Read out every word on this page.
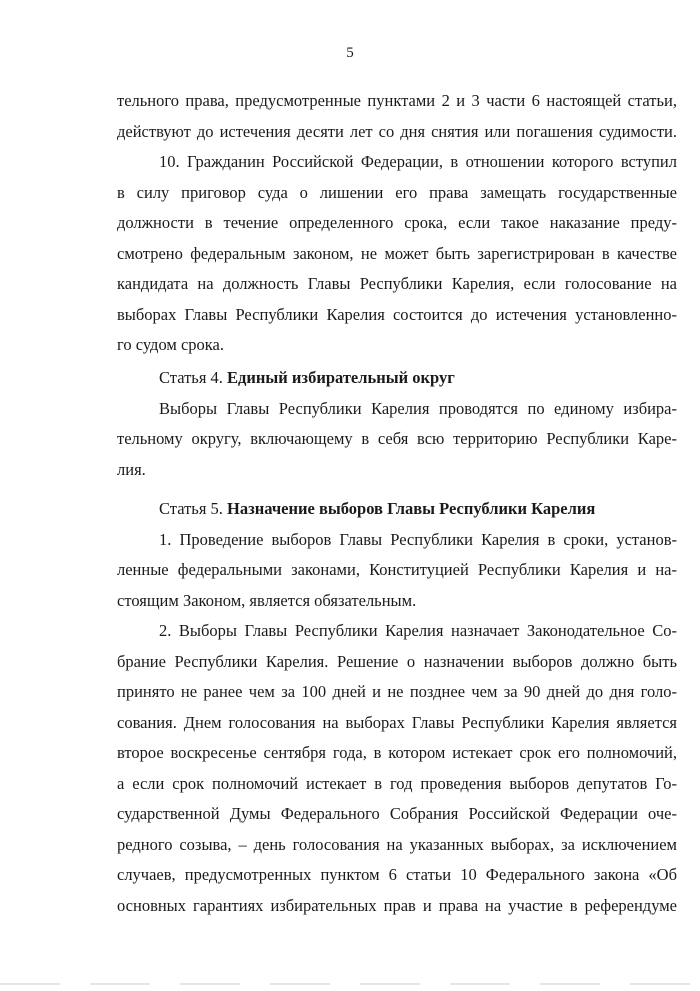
5
тельного права, предусмотренные пунктами 2 и 3 части 6 настоящей статьи,
действуют до истечения десяти лет со дня снятия или погашения судимости.
10. Гражданин Российской Федерации, в отношении которого вступил
в силу приговор суда о лишении его права замещать государственные
должности в течение определенного срока, если такое наказание преду-
смотрено федеральным законом, не может быть зарегистрирован в качестве
кандидата на должность Главы Республики Карелия, если голосование на
выборах Главы Республики Карелия состоится до истечения установленно-
го судом срока.
Статья 4. Единый избирательный округ
Выборы Главы Республики Карелия проводятся по единому избира-
тельному округу, включающему в себя всю территорию Республики Каре-
лия.
Статья 5. Назначение выборов Главы Республики Карелия
1. Проведение выборов Главы Республики Карелия в сроки, установ-
ленные федеральными законами, Конституцией Республики Карелия и на-
стоящим Законом, является обязательным.
2. Выборы Главы Республики Карелия назначает Законодательное Со-
брание Республики Карелия. Решение о назначении выборов должно быть
принято не ранее чем за 100 дней и не позднее чем за 90 дней до дня голо-
сования. Днем голосования на выборах Главы Республики Карелия является
второе воскресенье сентября года, в котором истекает срок его полномочий,
а если срок полномочий истекает в год проведения выборов депутатов Го-
сударственной Думы Федерального Собрания Российской Федерации оче-
редного созыва, – день голосования на указанных выборах, за исключением
случаев, предусмотренных пунктом 6 статьи 10 Федерального закона «Об
основных гарантиях избирательных прав и права на участие в референдуме
